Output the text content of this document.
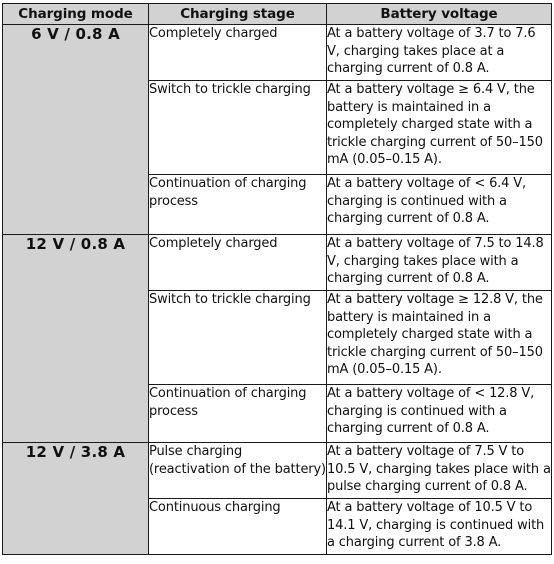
Charging mode	Charging stage	Battery voltage
6 V / 0.8 A	Completely charged	At a battery voltage of 3.7 to 7.6 V, charging takes place at a charging current of 0.8 A.
	Switch to trickle charging	At a battery voltage ≥ 6.4 V, the battery is maintained in a completely charged state with a trickle charging current of 50–150 mA (0.05–0.15 A).
	Continuation of charging process	At a battery voltage of < 6.4 V, charging is continued with a charging current of 0.8 A.
12 V / 0.8 A	Completely charged	At a battery voltage of 7.5 to 14.8 V, charging takes place with a charging current of 0.8 A.
	Switch to trickle charging	At a battery voltage ≥ 12.8 V, the battery is maintained in a completely charged state with a trickle charging current of 50–150 mA (0.05–0.15 A).
	Continuation of charging process	At a battery voltage of < 12.8 V, charging is continued with a charging current of 0.8 A.
12 V / 3.8 A	Pulse charging (reactivation of the battery)	At a battery voltage of 7.5 V to 10.5 V, charging takes place with a pulse charging current of 0.8 A.
	Continuous charging	At a battery voltage of 10.5 V to 14.1 V, charging is continued with a charging current of 3.8 A.
